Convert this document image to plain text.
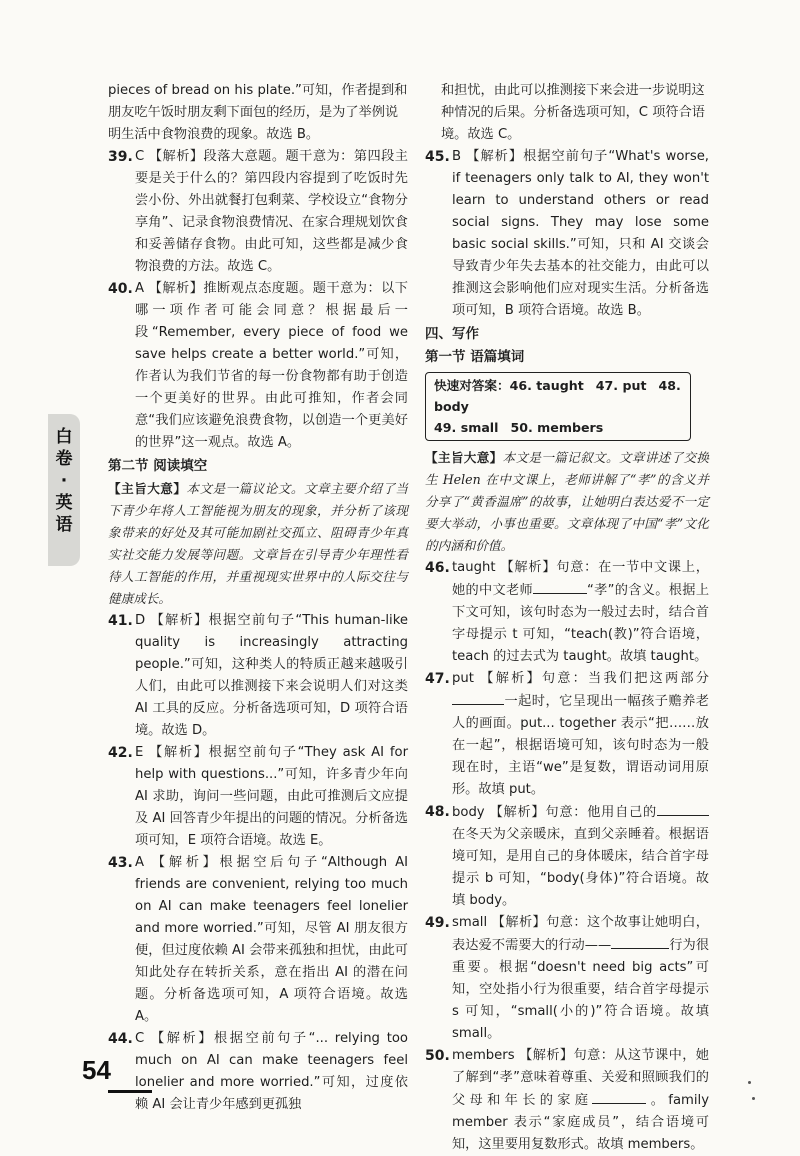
白
卷
·
英
语

pieces of bread on his plate.”可知，作者提到和朋友吃午饭时朋友剩下面包的经历，是为了举例说明生活中食物浪费的现象。故选 B。

39. C 【解析】段落大意题。题干意为：第四段主要是关于什么的？第四段内容提到了吃饭时先尝小份、外出就餐打包剩菜、学校设立“食物分享角”、记录食物浪费情况、在家合理规划饮食和妥善储存食物。由此可知，这些都是减少食物浪费的方法。故选 C。
40. A 【解析】推断观点态度题。题干意为：以下哪一项作者可能会同意？根据最后一段“Remember, every piece of food we save helps create a better world.”可知，作者认为我们节省的每一份食物都有助于创造一个更美好的世界。由此可推知，作者会同意“我们应该避免浪费食物，以创造一个更美好的世界”这一观点。故选 A。

第二节 阅读填空

【主旨大意】本文是一篇议论文。文章主要介绍了当下青少年将人工智能视为朋友的现象，并分析了该现象带来的好处及其可能加剧社交孤立、阻碍青少年真实社交能力发展等问题。文章旨在引导青少年理性看待人工智能的作用，并重视现实世界中的人际交往与健康成长。

41. D 【解析】根据空前句子“This human-like quality is increasingly attracting people.”可知，这种类人的特质正越来越吸引人们，由此可以推测接下来会说明人们对这类 AI 工具的反应。分析备选项可知，D 项符合语境。故选 D。
42. E 【解析】根据空前句子“They ask AI for help with questions...”可知，许多青少年向 AI 求助，询问一些问题，由此可推测后文应提及 AI 回答青少年提出的问题的情况。分析备选项可知，E 项符合语境。故选 E。
43. A 【解析】根据空后句子“Although AI friends are convenient, relying too much on AI can make teenagers feel lonelier and more worried.”可知，尽管 AI 朋友很方便，但过度依赖 AI 会带来孤独和担忧，由此可知此处存在转折关系，意在指出 AI 的潜在问题。分析备选项可知，A 项符合语境。故选 A。
44. C 【解析】根据空前句子“... relying too much on AI can make teenagers feel lonelier and more worried.”可知，过度依赖 AI 会让青少年感到更孤独

和担忧，由此可以推测接下来会进一步说明这种情况的后果。分析备选项可知，C 项符合语境。故选 C。

45. B 【解析】根据空前句子“What's worse, if teenagers only talk to AI, they won't learn to understand others or read social signs. They may lose some basic social skills.”可知，只和 AI 交谈会导致青少年失去基本的社交能力，由此可以推测这会影响他们应对现实生活。分析备选项可知，B 项符合语境。故选 B。

四、写作

第一节 语篇填词

快速对答案：46. taught 47. put 48. body
49. small 50. members

【主旨大意】本文是一篇记叙文。文章讲述了交换生 Helen 在中文课上，老师讲解了“孝”的含义并分享了“黄香温席”的故事，让她明白表达爱不一定要大举动，小事也重要。文章体现了中国“孝”文化的内涵和价值。

46. taught 【解析】句意：在一节中文课上，她的中文老师	“孝”的含义。根据上下文可知，该句时态为一般过去时，结合首字母提示 t 可知，“teach(教)”符合语境，teach 的过去式为 taught。故填 taught。
47. put 【解析】句意：当我们把这两部分一起时，它呈现出一幅孩子赡养老人的画面。put... together 表示“把……放在一起”，根据语境可知，该句时态为一般现在时，主语“we”是复数，谓语动词用原形。故填 put。
48. body 【解析】句意：他用自己的在冬天为父亲暖床，直到父亲睡着。根据语境可知，是用自己的身体暖床，结合首字母提示 b 可知，“body(身体)”符合语境。故填 body。
49. small 【解析】句意：这个故事让她明白，表达爱不需要大的行动——	行为很重要。根据“doesn't need big acts”可知，空处指小行为很重要，结合首字母提示 s 可知，“small(小的)”符合语境。故填 small。
50. members 【解析】句意：从这节课中，她了解到“孝”意味着尊重、关爱和照顾我们的父母和年长的家庭	。family member 表示“家庭成员”，结合语境可知，这里要用复数形式。故填 members。
54
